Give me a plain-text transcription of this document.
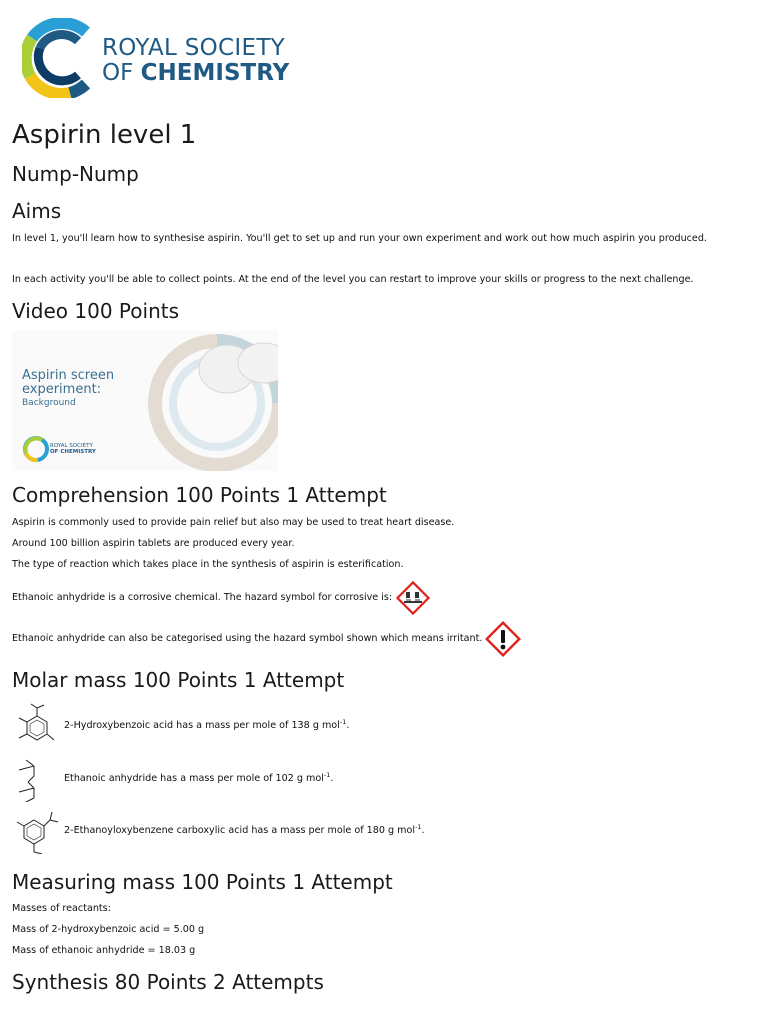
ROYAL SOCIETY
OF CHEMISTRY
Aspirin level 1
Nump-Nump
Aims

In level 1, you'll learn how to synthesise aspirin. You'll get to set up and run your own experiment and work out how much aspirin you produced.

In each activity you'll be able to collect points. At the end of the level you can restart to improve your skills or progress to the next challenge.

Video 100 Points
Aspirin screen
experiment:
Background
ROYAL SOCIETY
OF CHEMISTRY
Comprehension 100 Points 1 Attempt

Aspirin is commonly used to provide pain relief but also may be used to treat heart disease.

Around 100 billion aspirin tablets are produced every year.

The type of reaction which takes place in the synthesis of aspirin is esterification.

Ethanoic anhydride is a corrosive chemical. The hazard symbol for corrosive is:

Ethanoic anhydride can also be categorised using the hazard symbol shown which means irritant.

Molar mass 100 Points 1 Attempt

2-Hydroxybenzoic acid has a mass per mole of 138 g mol$^{-1}$.

Ethanoic anhydride has a mass per mole of 102 g mol$^{-1}$.

2-Ethanoyloxybenzene carboxylic acid has a mass per mole of 180 g mol$^{-1}$.

Measuring mass 100 Points 1 Attempt

Masses of reactants:

Mass of 2-hydroxybenzoic acid = 5.00 g

Mass of ethanoic anhydride = 18.03 g

Synthesis 80 Points 2 Attempts
